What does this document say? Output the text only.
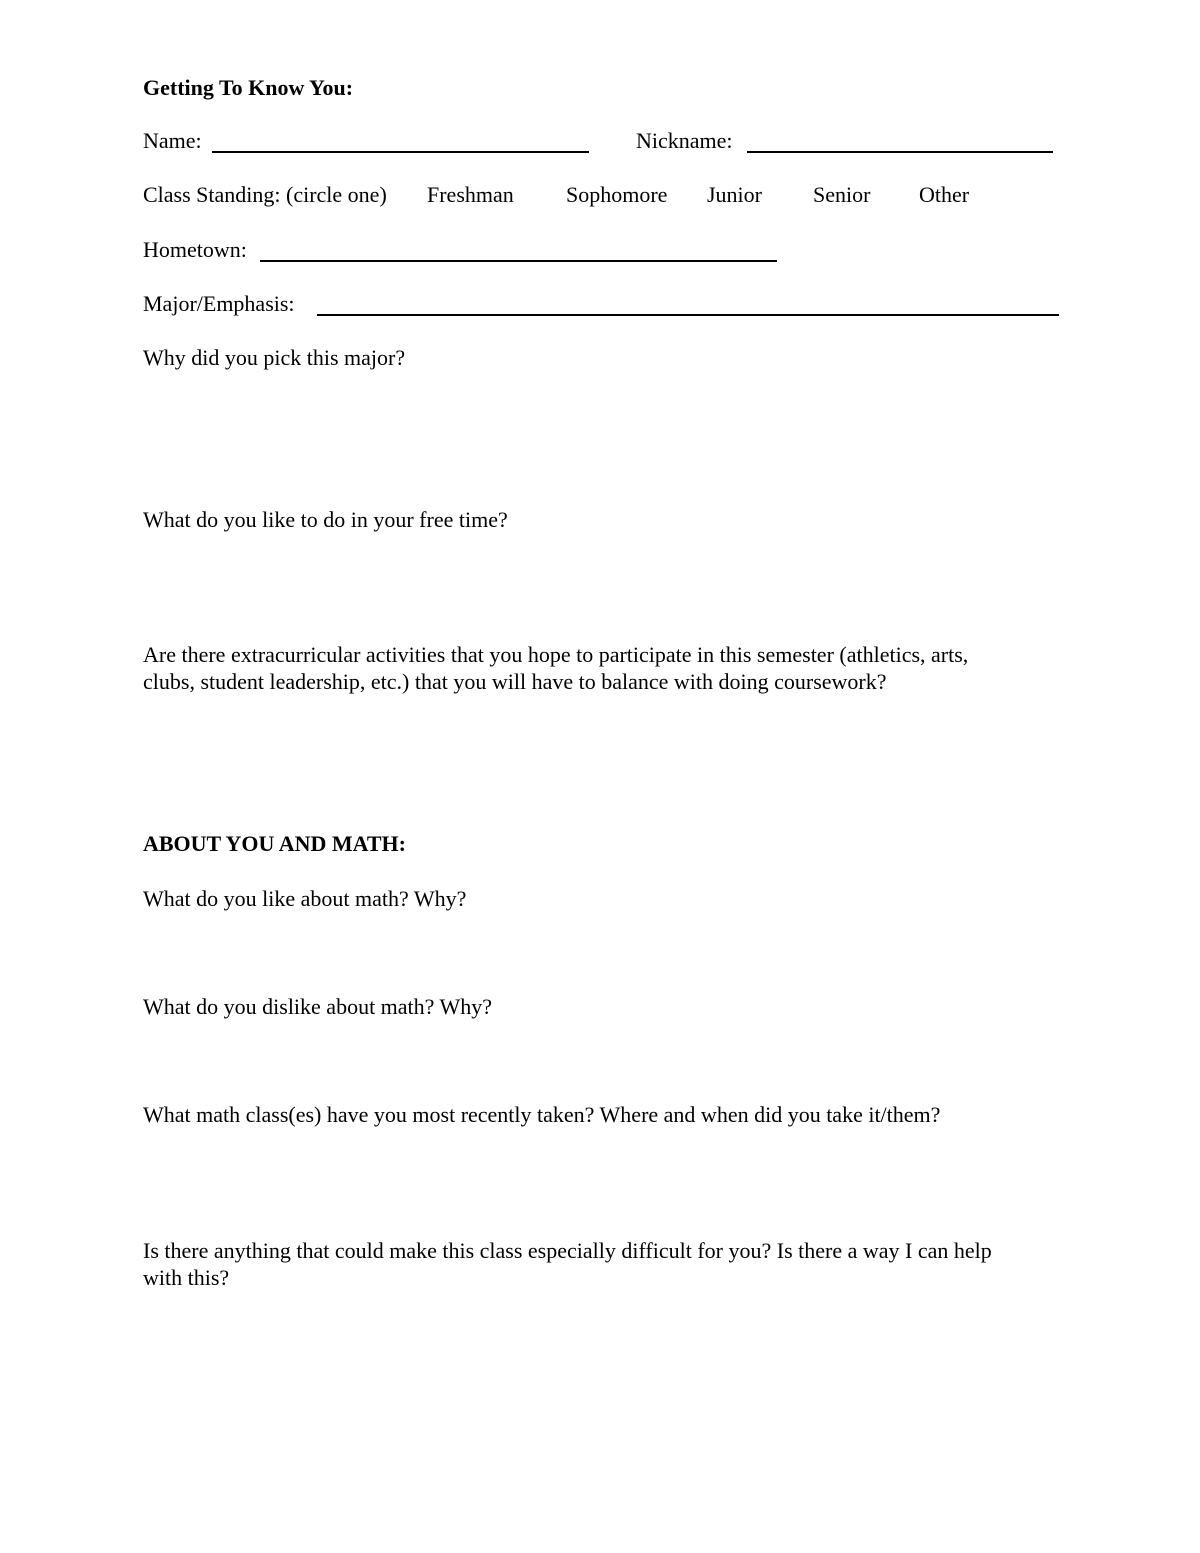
Getting To Know You:
Name:	Nickname:
Class Standing: (circle one) Freshman Sophomore Junior Senior Other
Hometown:
Major/Emphasis:
Why did you pick this major?
What do you like to do in your free time?
Are there extracurricular activities that you hope to participate in this semester (athletics, arts,
clubs, student leadership, etc.) that you will have to balance with doing coursework?
ABOUT YOU AND MATH:
What do you like about math? Why?
What do you dislike about math? Why?
What math class(es) have you most recently taken? Where and when did you take it/them?
Is there anything that could make this class especially difficult for you? Is there a way I can help
with this?
